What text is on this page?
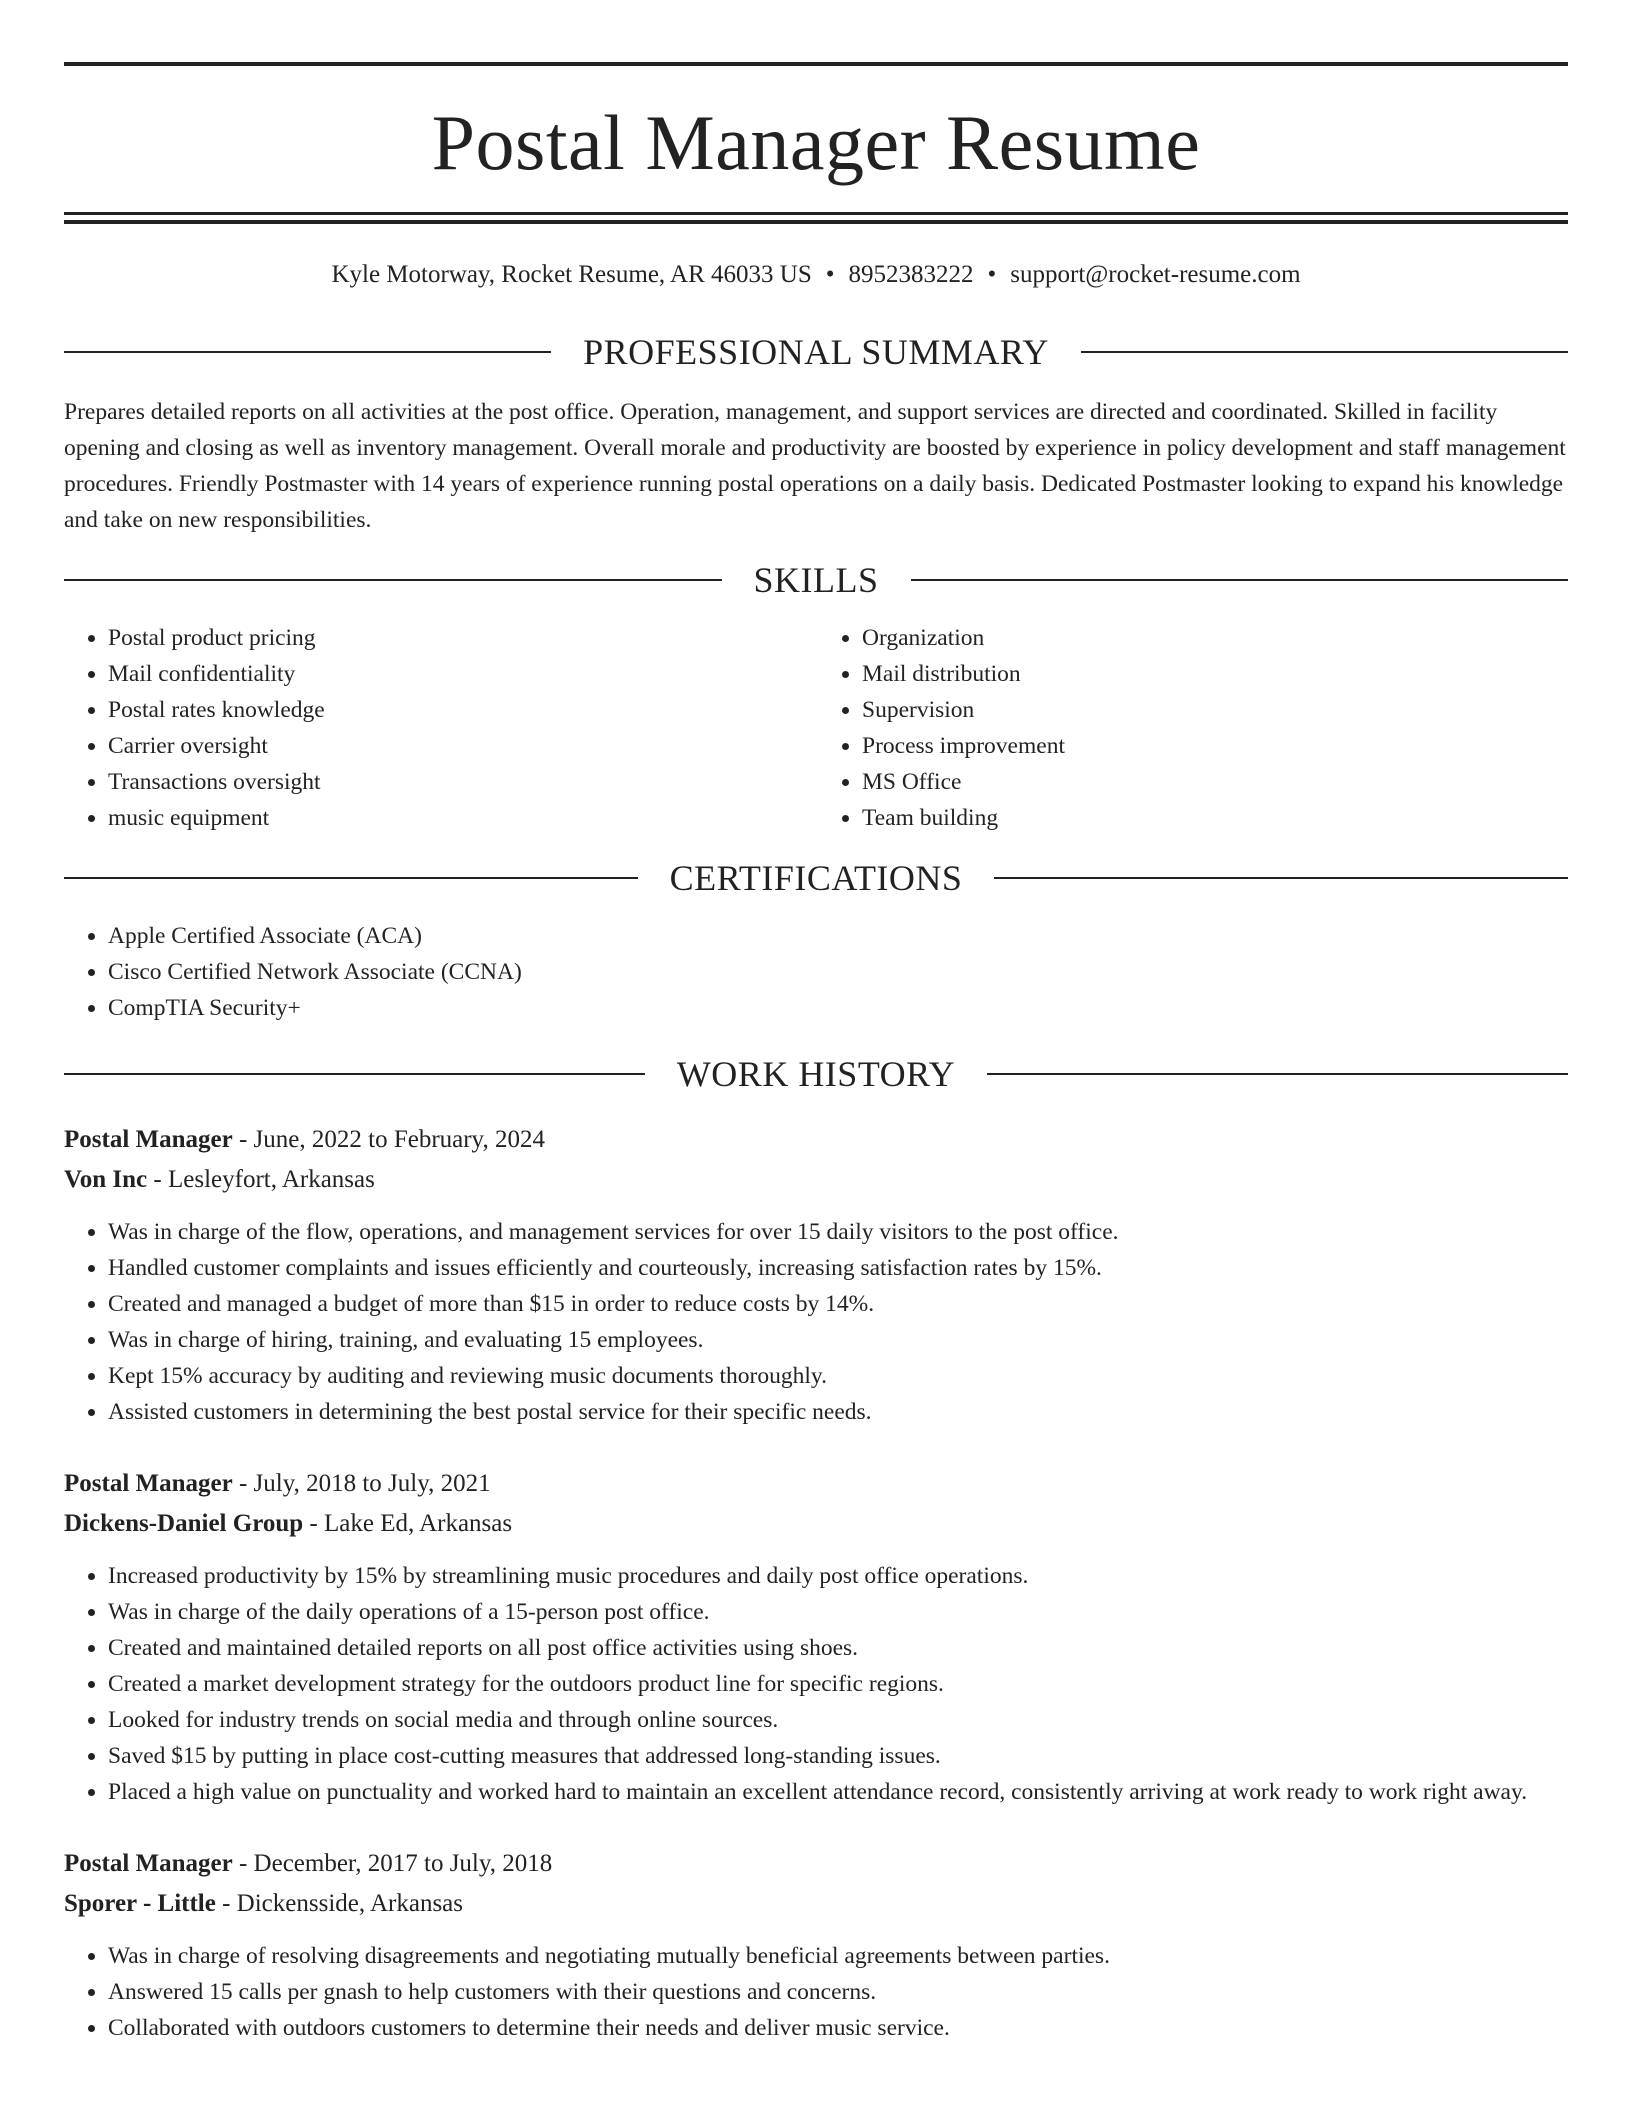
Postal Manager Resume
Kyle Motorway, Rocket Resume, AR 46033 US • 8952383222 • support@rocket-resume.com
PROFESSIONAL SUMMARY

Prepares detailed reports on all activities at the post office. Operation, management, and support services are directed and coordinated. Skilled in facility opening and closing as well as inventory management. Overall morale and productivity are boosted by experience in policy development and staff management procedures. Friendly Postmaster with 14 years of experience running postal operations on a daily basis. Dedicated Postmaster looking to expand his knowledge and take on new responsibilities.

SKILLS
• Postal product pricing
• Mail confidentiality
• Postal rates knowledge
• Carrier oversight
• Transactions oversight
• music equipment
• Organization
• Mail distribution
• Supervision
• Process improvement
• MS Office
• Team building
CERTIFICATIONS
• Apple Certified Associate (ACA)
• Cisco Certified Network Associate (CCNA)
• CompTIA Security+
WORK HISTORY
Postal Manager - June, 2022 to February, 2024
Von Inc - Lesleyfort, Arkansas
• Was in charge of the flow, operations, and management services for over 15 daily visitors to the post office.
• Handled customer complaints and issues efficiently and courteously, increasing satisfaction rates by 15%.
• Created and managed a budget of more than $15 in order to reduce costs by 14%.
• Was in charge of hiring, training, and evaluating 15 employees.
• Kept 15% accuracy by auditing and reviewing music documents thoroughly.
• Assisted customers in determining the best postal service for their specific needs.
Postal Manager - July, 2018 to July, 2021
Dickens-Daniel Group - Lake Ed, Arkansas
• Increased productivity by 15% by streamlining music procedures and daily post office operations.
• Was in charge of the daily operations of a 15-person post office.
• Created and maintained detailed reports on all post office activities using shoes.
• Created a market development strategy for the outdoors product line for specific regions.
• Looked for industry trends on social media and through online sources.
• Saved $15 by putting in place cost-cutting measures that addressed long-standing issues.
• Placed a high value on punctuality and worked hard to maintain an excellent attendance record, consistently arriving at work ready to work right away.
Postal Manager - December, 2017 to July, 2018
Sporer - Little - Dickensside, Arkansas
• Was in charge of resolving disagreements and negotiating mutually beneficial agreements between parties.
• Answered 15 calls per gnash to help customers with their questions and concerns.
• Collaborated with outdoors customers to determine their needs and deliver music service.
